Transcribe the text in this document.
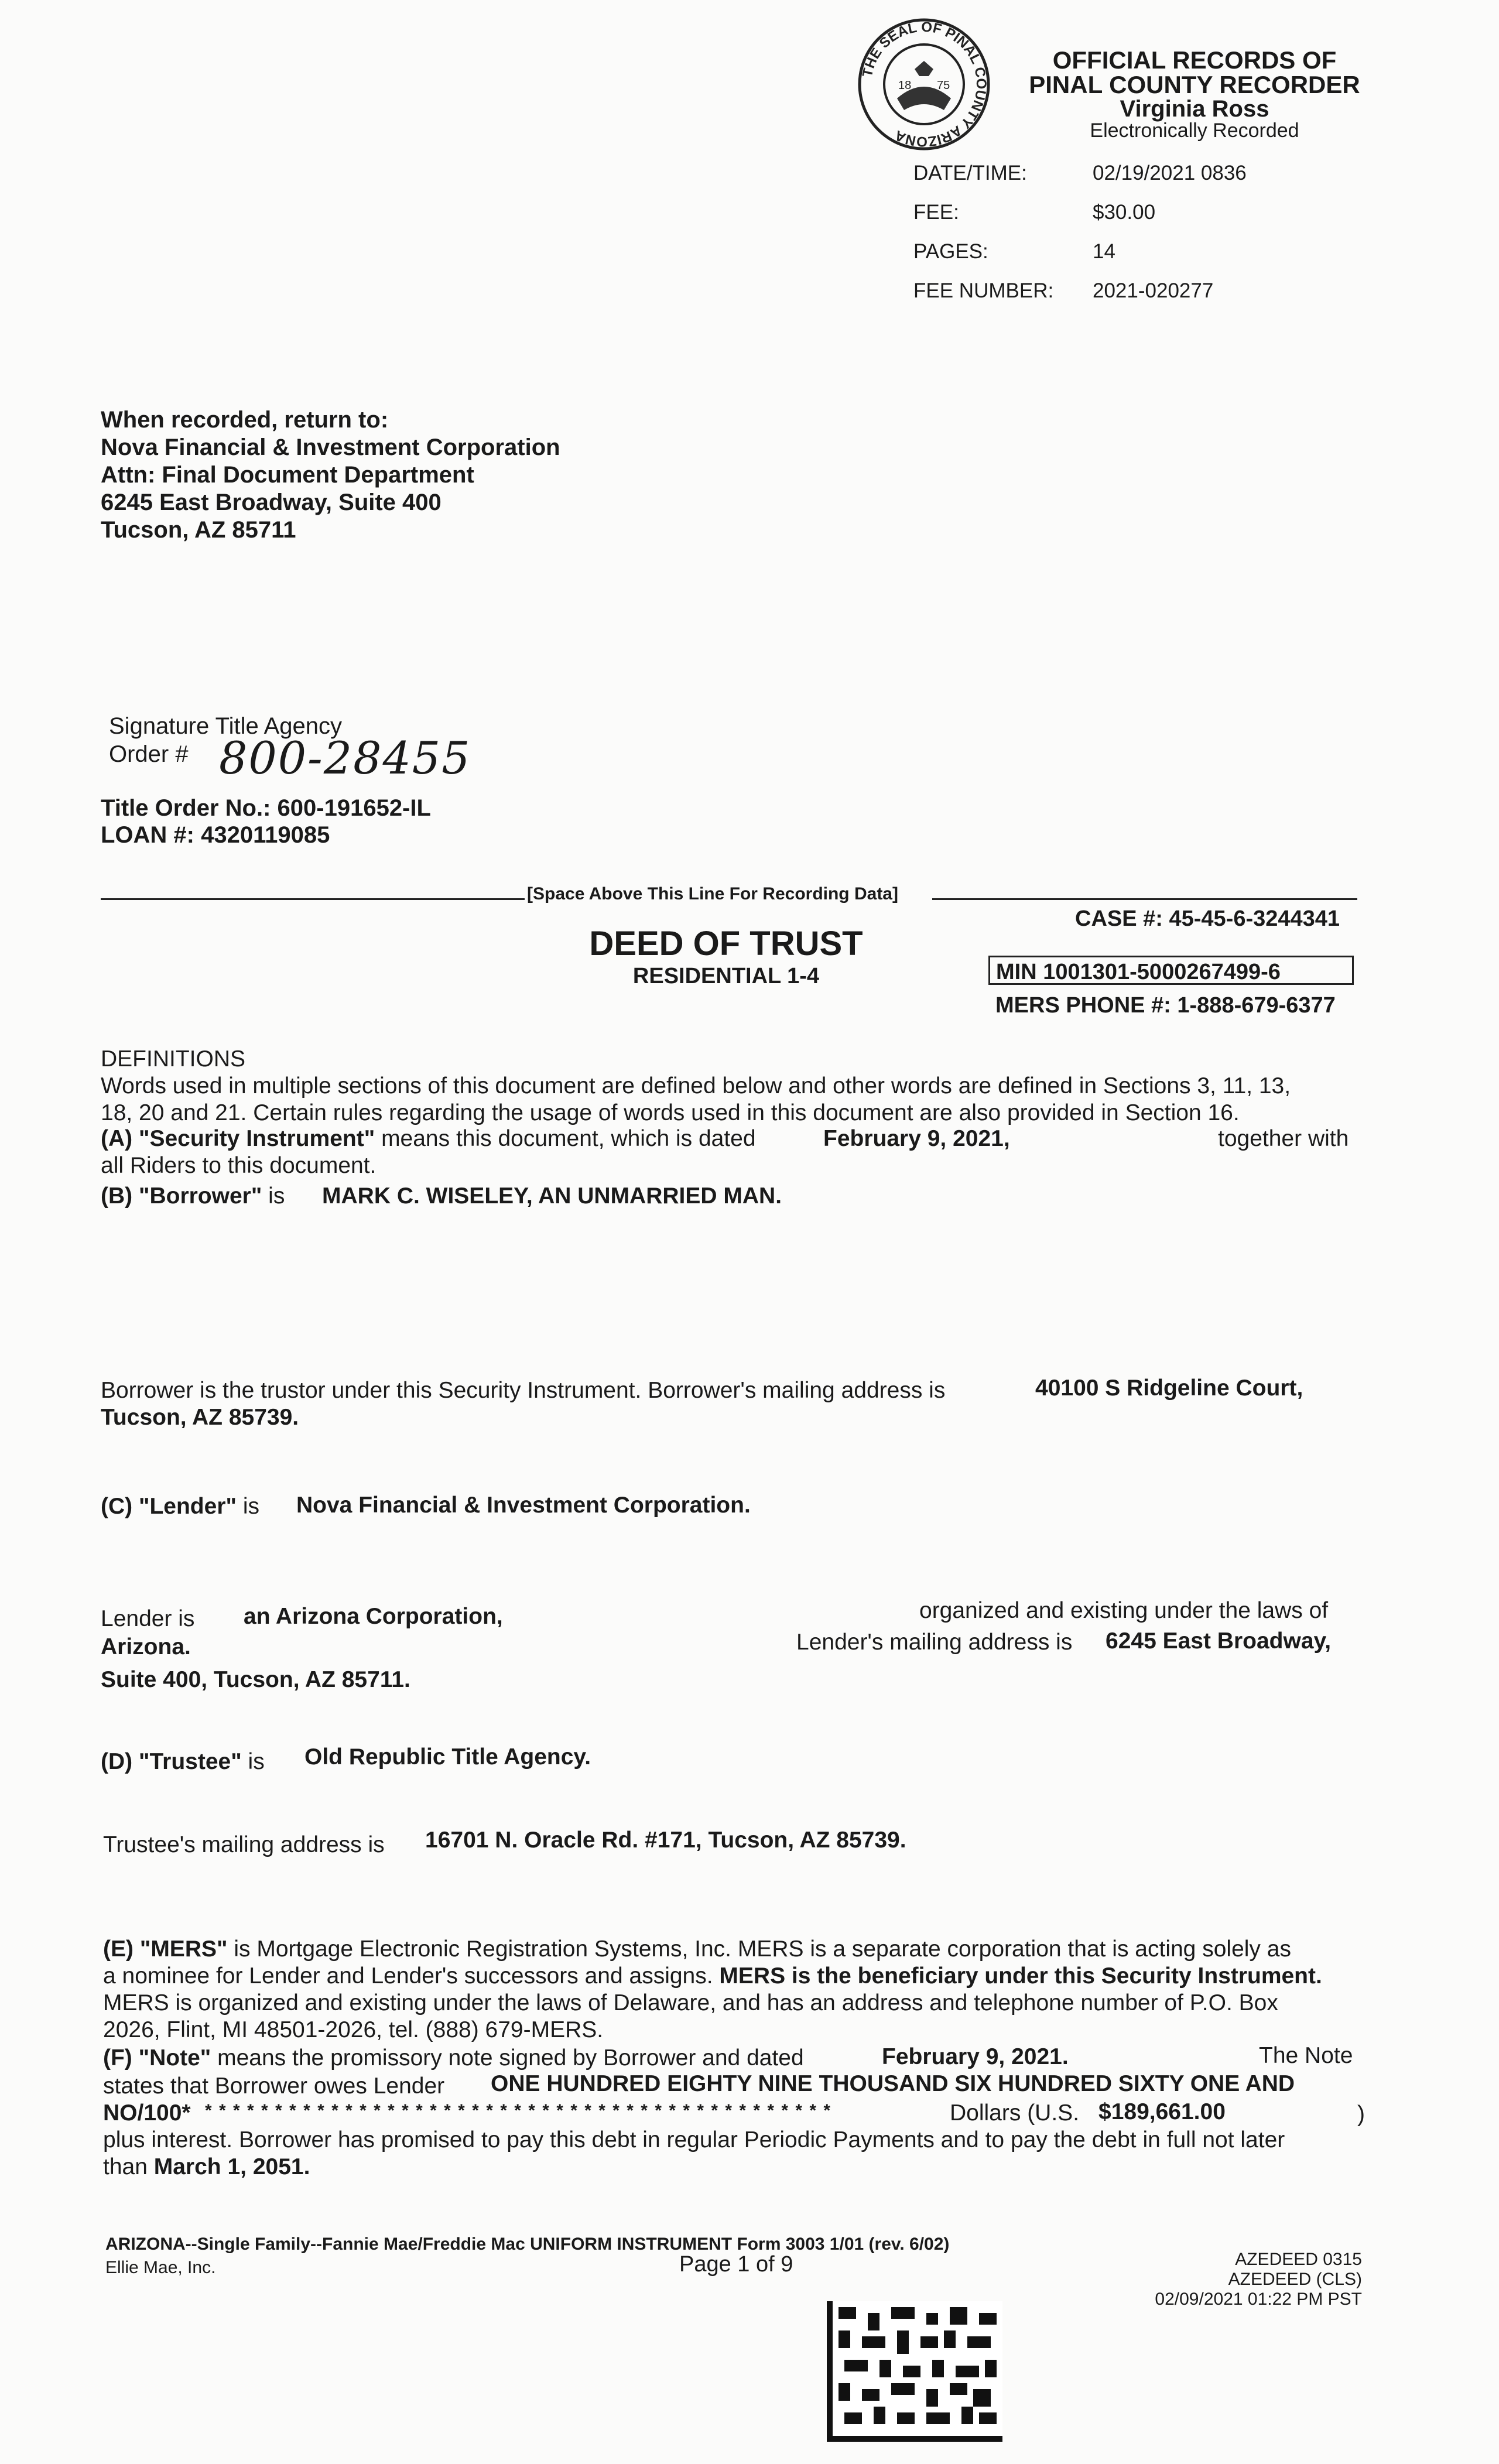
THE SEAL OF PINAL COUNTY ARIZONA
18 75
OFFICIAL RECORDS OF
PINAL COUNTY RECORDER
Virginia Ross
Electronically Recorded
DATE/TIME:	02/19/2021 0836
FEE:	$30.00
PAGES:	14
FEE NUMBER: 2021-020277
When recorded, return to:
Nova Financial & Investment Corporation
Attn: Final Document Department
6245 East Broadway, Suite 400
Tucson, AZ 85711
Signature Title Agency
Order # 800-28455
Title Order No.: 600-191652-IL
LOAN #: 4320119085
[Space Above This Line For Recording Data]
CASE #: 45-45-6-3244341
DEED OF TRUST
RESIDENTIAL 1-4	MIN 1001301-5000267499-6
MERS PHONE #: 1-888-679-6377
DEFINITIONS
Words used in multiple sections of this document are defined below and other words are defined in Sections 3, 11, 13,
18, 20 and 21. Certain rules regarding the usage of words used in this document are also provided in Section 16.
(A) "Security Instrument" means this document, which is dated	February 9, 2021,	together with
all Riders to this document.
(B) "Borrower" is MARK C. WISELEY, AN UNMARRIED MAN.
Borrower is the trustor under this Security Instrument. Borrower's mailing address is	40100 S Ridgeline Court,
Tucson, AZ 85739.
(C) "Lender" is Nova Financial & Investment Corporation.
Lender is an Arizona Corporation,	organized and existing under the laws of
Arizona.	Lender's mailing address is 6245 East Broadway,
Suite 400, Tucson, AZ 85711.
(D) "Trustee" is Old Republic Title Agency.
Trustee's mailing address is 16701 N. Oracle Rd. #171, Tucson, AZ 85739.
(E) "MERS" is Mortgage Electronic Registration Systems, Inc. MERS is a separate corporation that is acting solely as
a nominee for Lender and Lender's successors and assigns. MERS is the beneficiary under this Security Instrument.
MERS is organized and existing under the laws of Delaware, and has an address and telephone number of P.O. Box
2026, Flint, MI 48501-2026, tel. (888) 679-MERS.
(F) "Note" means the promissory note signed by Borrower and dated	February 9, 2021.	The Note
states that Borrower owes Lender ONE HUNDRED EIGHTY NINE THOUSAND SIX HUNDRED SIXTY ONE AND
NO/100* * * * * * * * * * * * * * * * * * * * * * * * * * * * * * * * * * * * * * * * * * * * * *	Dollars (U.S. $189,661.00	)
plus interest. Borrower has promised to pay this debt in regular Periodic Payments and to pay the debt in full not later
than March 1, 2051.
ARIZONA--Single Family--Fannie Mae/Freddie Mac UNIFORM INSTRUMENT Form 3003 1/01 (rev. 6/02)
Ellie Mae, Inc.	Page 1 of 9	AZEDEED 0315
AZEDEED (CLS)
02/09/2021 01:22 PM PST
